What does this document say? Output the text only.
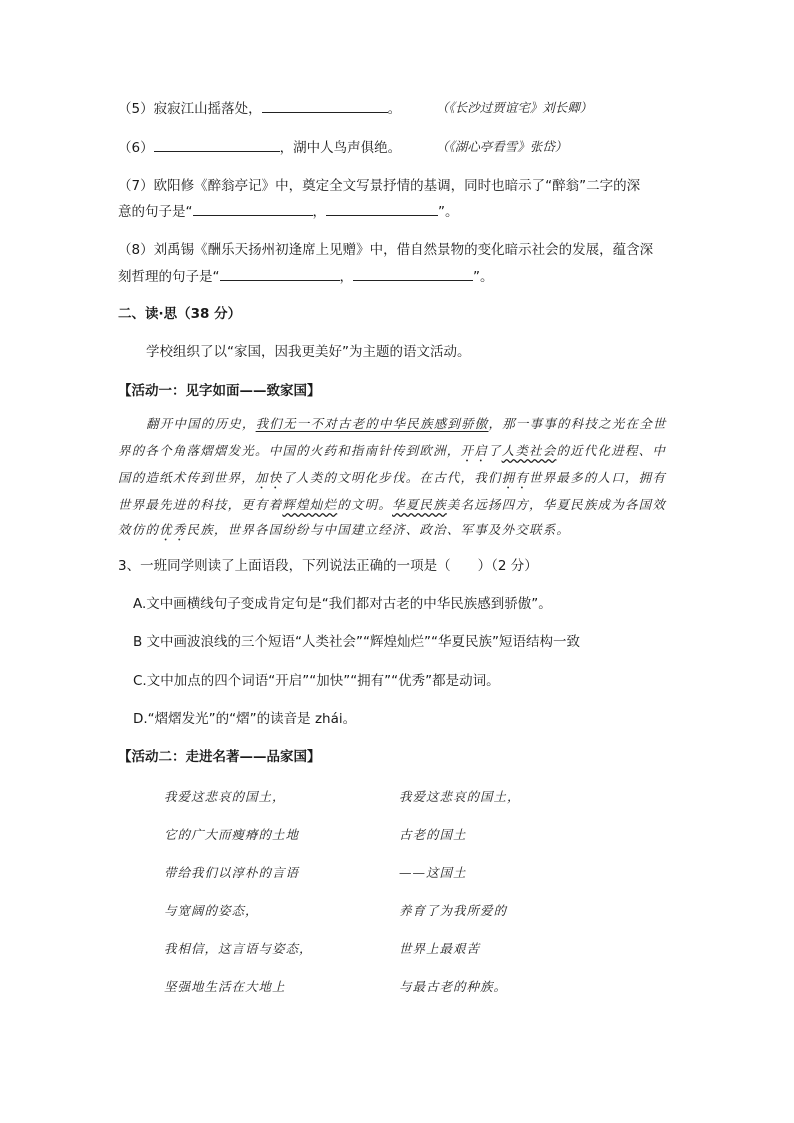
（5）寂寂江山摇落处，	。	（《长沙过贾谊宅》刘长卿）
（6）	，湖中人鸟声俱绝。	（《湖心亭看雪》张岱）
（7）欧阳修《醉翁亭记》中，奠定全文写景抒情的基调，同时也暗示了“醉翁”二字的深
意的句子是“	，	”。
（8）刘禹锡《酬乐天扬州初逢席上见赠》中，借自然景物的变化暗示社会的发展，蕴含深
刻哲理的句子是“	，	”。
二、读·思（38 分）
学校组织了以“家国，因我更美好”为主题的语文活动。
【活动一：见字如面——致家国】
翻开中国的历史，我们无一不对古老的中华民族感到骄傲，那一事事的科技之光在全世
界的各个角落熠熠发光。中国的火药和指南针传到欧洲，开启了人类社会的近代化进程、中
国的造纸术传到世界，加快了人类的文明化步伐。在古代，我们拥有世界最多的人口，拥有
世界最先进的科技，更有着辉煌灿烂的文明。华夏民族美名远扬四方，华夏民族成为各国效
效仿的优秀民族，世界各国纷纷与中国建立经济、政治、军事及外交联系。
3、一班同学则读了上面语段，下列说法正确的一项是（　　）（2 分）
A.文中画横线句子变成肯定句是“我们都对古老的中华民族感到骄傲”。
B 文中画波浪线的三个短语“人类社会”“辉煌灿烂”“华夏民族”短语结构一致
C.文中加点的四个词语“开启”“加快”“拥有”“优秀”都是动词。
D.“熠熠发光”的“熠”的读音是 zhái。
【活动二：走进名著——品家国】
我爱这悲哀的国土，
它的广大而瘦瘠的土地
带给我们以淳朴的言语
与宽阔的姿态，
我相信，这言语与姿态，
坚强地生活在大地上
我爱这悲哀的国土，
古老的国土
——这国土
养育了为我所爱的
世界上最艰苦
与最古老的种族。
